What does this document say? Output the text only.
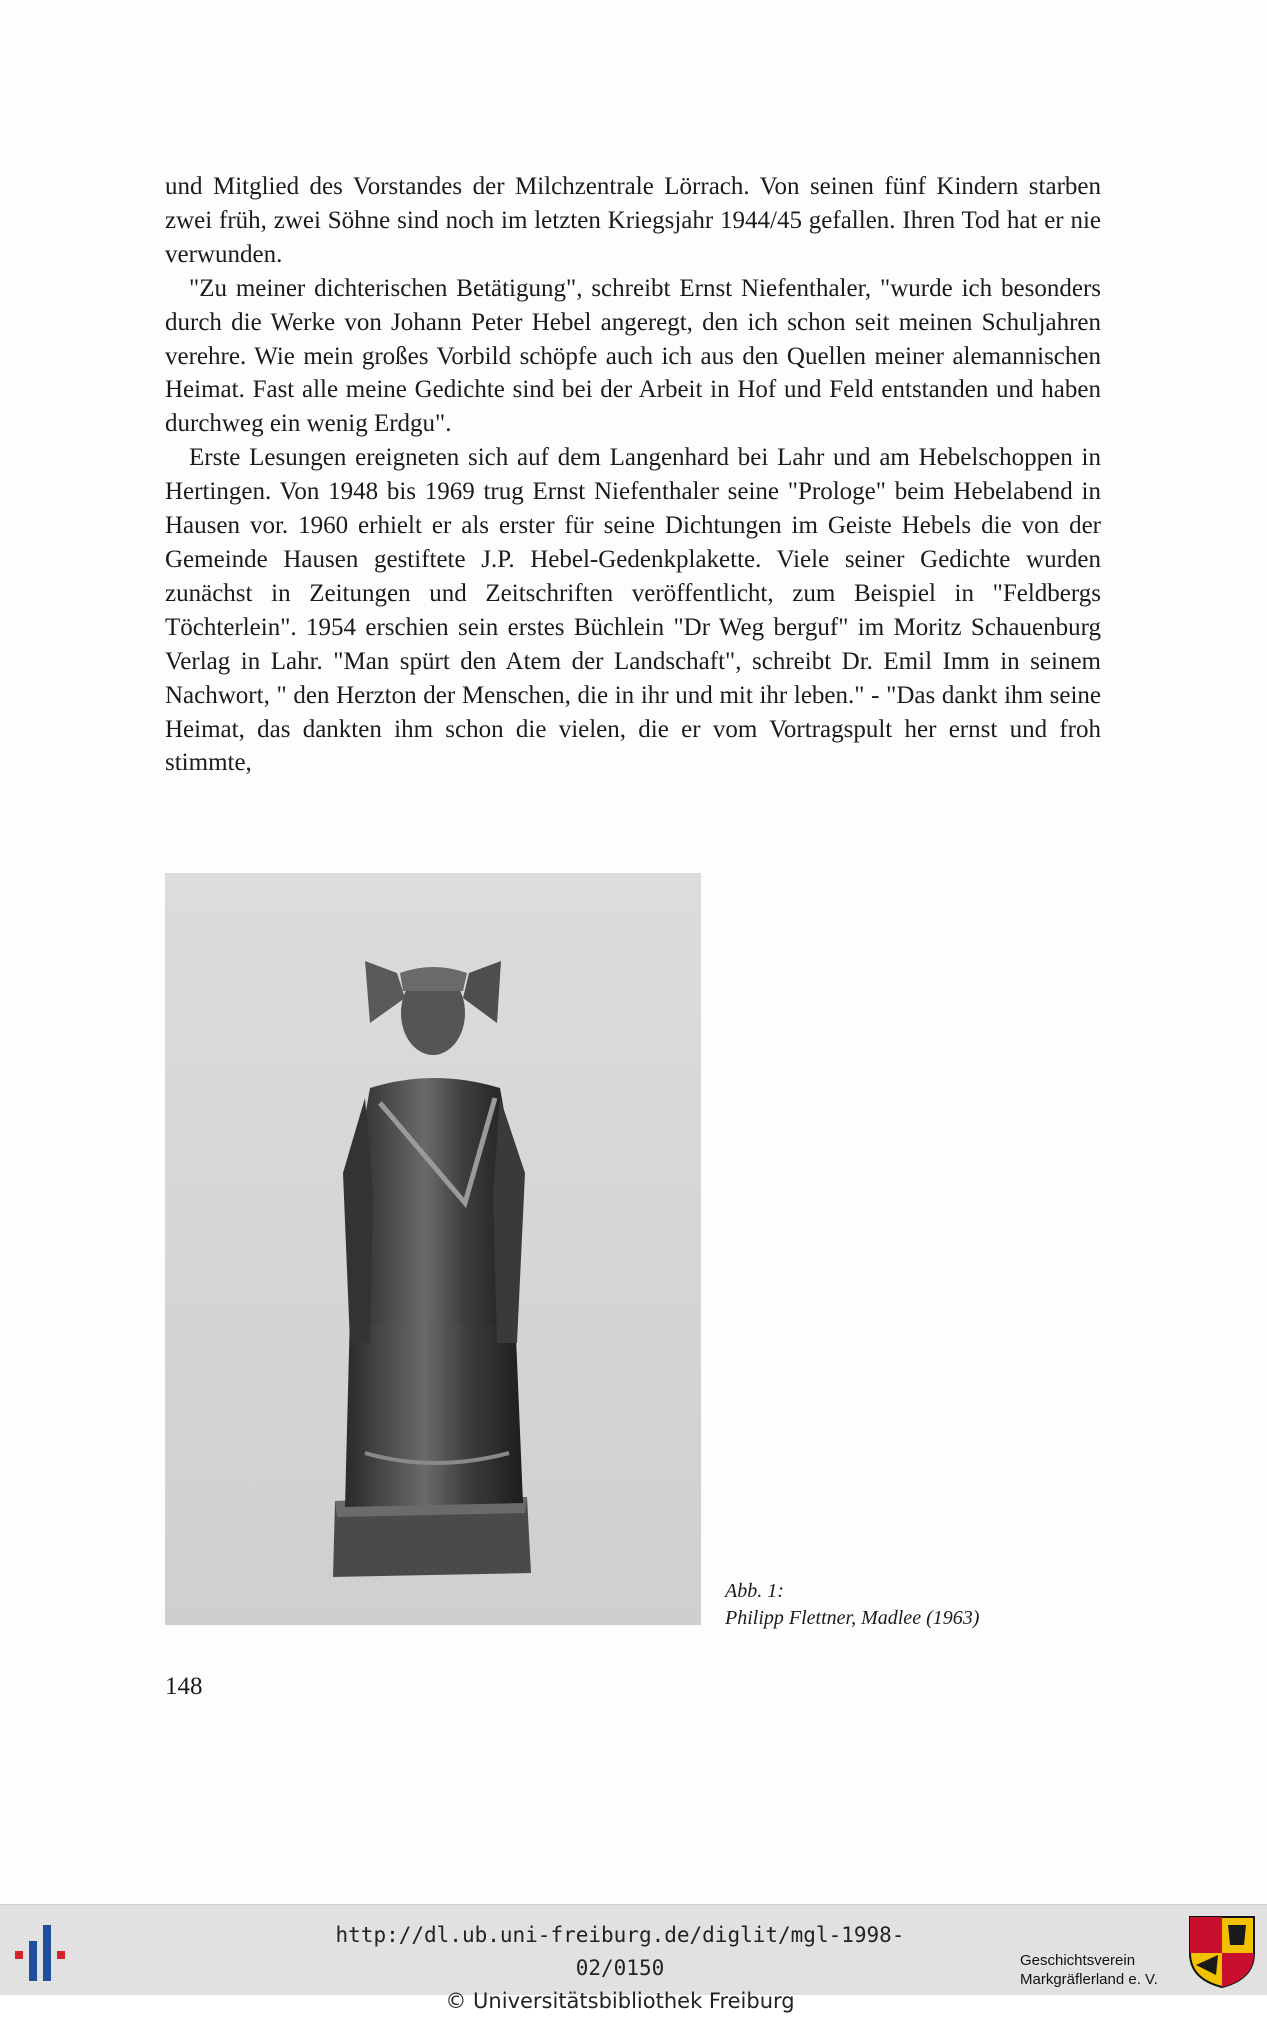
und Mitglied des Vorstandes der Milchzentrale Lörrach. Von seinen fünf Kindern starben zwei früh, zwei Söhne sind noch im letzten Kriegsjahr 1944/45 gefallen. Ihren Tod hat er nie verwunden.

"Zu meiner dichterischen Betätigung", schreibt Ernst Niefenthaler, "wurde ich besonders durch die Werke von Johann Peter Hebel angeregt, den ich schon seit meinen Schuljahren verehre. Wie mein großes Vorbild schöpfe auch ich aus den Quellen meiner alemannischen Heimat. Fast alle meine Gedichte sind bei der Arbeit in Hof und Feld entstanden und haben durchweg ein wenig Erdgu".

Erste Lesungen ereigneten sich auf dem Langenhard bei Lahr und am Hebelschoppen in Hertingen. Von 1948 bis 1969 trug Ernst Niefenthaler seine "Prologe" beim Hebelabend in Hausen vor. 1960 erhielt er als erster für seine Dichtungen im Geiste Hebels die von der Gemeinde Hausen gestiftete J.P. Hebel-Gedenkplakette. Viele seiner Gedichte wurden zunächst in Zeitungen und Zeitschriften veröffentlicht, zum Beispiel in "Feldbergs Töchterlein". 1954 erschien sein erstes Büchlein "Dr Weg berguf" im Moritz Schauenburg Verlag in Lahr. "Man spürt den Atem der Landschaft", schreibt Dr. Emil Imm in seinem Nachwort, " den Herzton der Menschen, die in ihr und mit ihr leben." - "Das dankt ihm seine Heimat, das dankten ihm schon die vielen, die er vom Vortragspult her ernst und froh stimmte,

Abb. 1:
Philipp Flettner, Madlee (1963)
148
http://dl.ub.uni-freiburg.de/diglit/mgl-1998-02/0150
© Universitätsbibliothek Freiburg
Geschichtsverein
Markgräflerland e. V.
